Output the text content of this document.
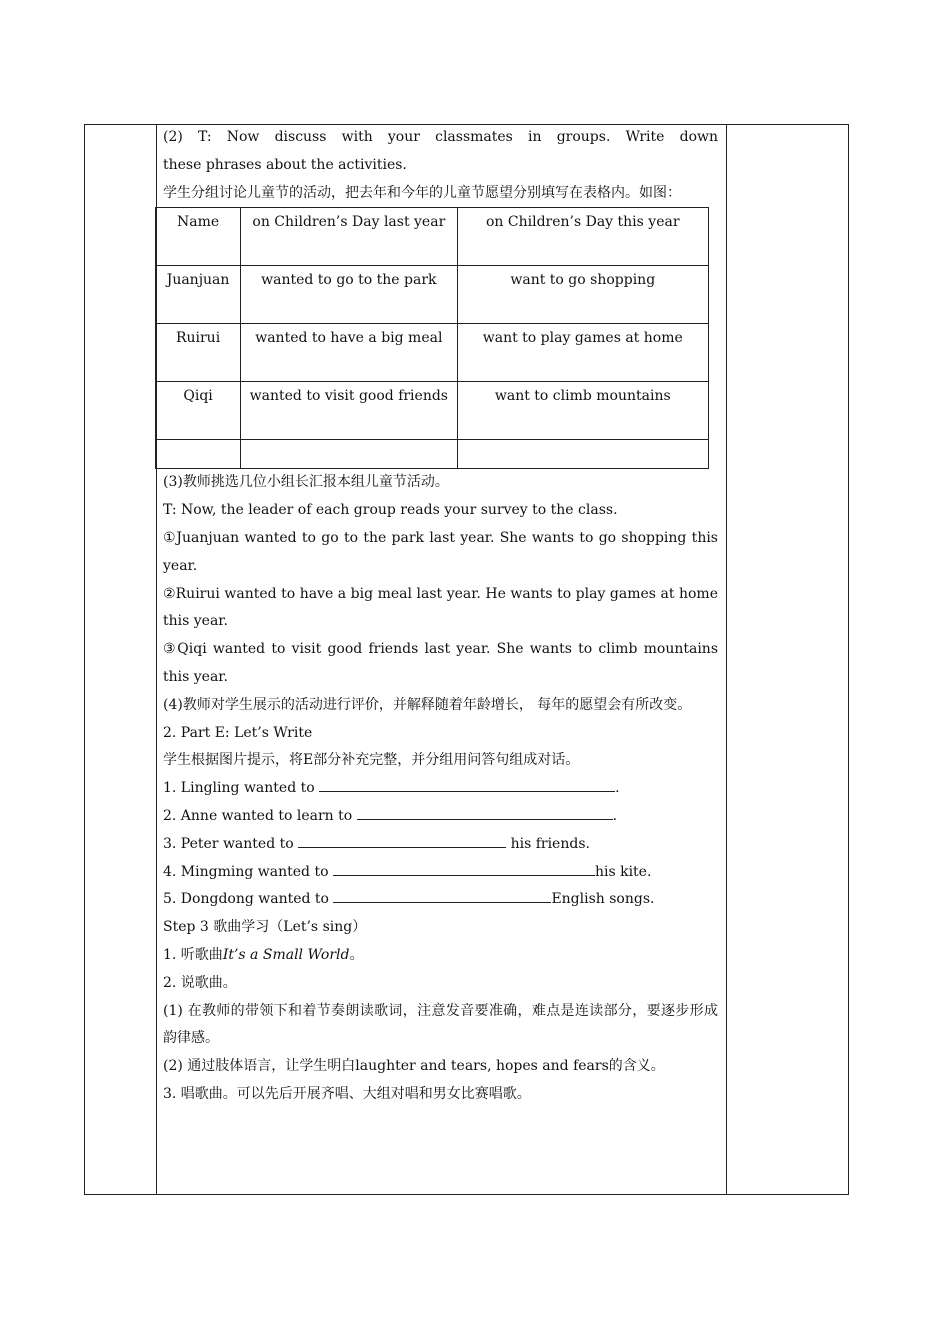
(2) T: Now discuss with your classmates in groups. Write down

these phrases about the activities.

学生分组讨论儿童节的活动，把去年和今年的儿童节愿望分别填写在表格内。如图：

Name	on Children’s Day last year	on Children’s Day this year
Juanjuan	wanted to go to the park	want to go shopping
Ruirui	wanted to have a big meal	want to play games at home
Qiqi	wanted to visit good friends	want to climb mountains

(3)教师挑选几位小组长汇报本组儿童节活动。

T: Now, the leader of each group reads your survey to the class.

①Juanjuan wanted to go to the park last year. She wants to go shopping this year.

②Ruirui wanted to have a big meal last year. He wants to play games at home this year.

③Qiqi wanted to visit good friends last year. She wants to climb mountains this year.

(4)教师对学生展示的活动进行评价，并解释随着年龄增长， 每年的愿望会有所改变。

2. Part E: Let’s Write

学生根据图片提示，将E部分补充完整，并分组用问答句组成对话。

1. Lingling wanted to	.

2. Anne wanted to learn to	.

3. Peter wanted to	his friends.

4. Mingming wanted to	his kite.

5. Dongdong wanted to	English songs.

Step 3 歌曲学习（Let’s sing）

1. 听歌曲It’s a Small World。

2. 说歌曲。

(1) 在教师的带领下和着节奏朗读歌词，注意发音要准确，难点是连读部分，要逐步形成韵律感。

(2) 通过肢体语言，让学生明白laughter and tears, hopes and fears的含义。

3. 唱歌曲。可以先后开展齐唱、大组对唱和男女比赛唱歌。
